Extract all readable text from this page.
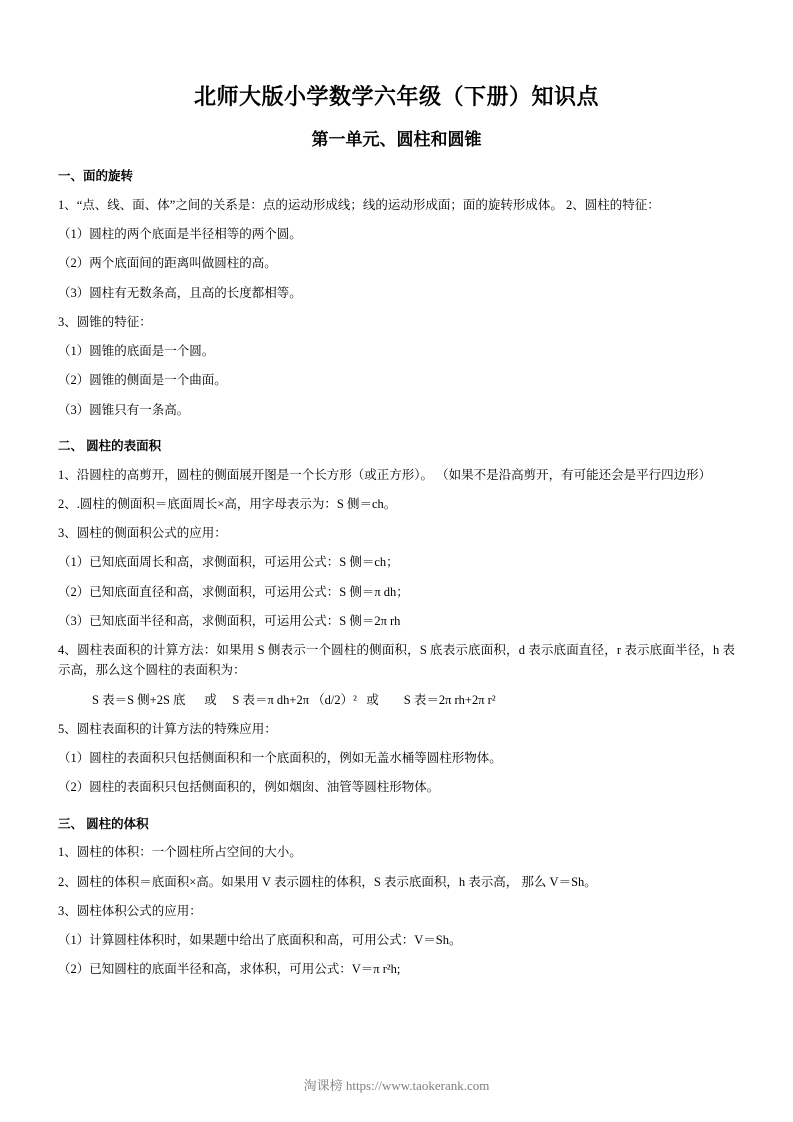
北师大版小学数学六年级（下册）知识点
第一单元、圆柱和圆锥
一、面的旋转

1、“点、线、面、体”之间的关系是：点的运动形成线；线的运动形成面；面的旋转形成体。 2、圆柱的特征：

（1）圆柱的两个底面是半径相等的两个圆。

（2）两个底面间的距离叫做圆柱的高。

（3）圆柱有无数条高，且高的长度都相等。

3、圆锥的特征：

（1）圆锥的底面是一个圆。

（2）圆锥的侧面是一个曲面。

（3）圆锥只有一条高。

二、 圆柱的表面积

1、沿圆柱的高剪开，圆柱的侧面展开图是一个长方形（或正方形）。 （如果不是沿高剪开，有可能还会是平行四边形）

2、.圆柱的侧面积＝底面周长×高，用字母表示为：S 侧＝ch。

3、圆柱的侧面积公式的应用：

（1）已知底面周长和高，求侧面积，可运用公式：S 侧＝ch；

（2）已知底面直径和高，求侧面积，可运用公式：S 侧＝π dh；

（3）已知底面半径和高，求侧面积，可运用公式：S 侧＝2π rh

4、圆柱表面积的计算方法：如果用 S 侧表示一个圆柱的侧面积，S 底表示底面积，d 表示底面直径，r 表示底面半径，h 表示高，那么这个圆柱的表面积为：

S 表＝S 侧+2S 底      或     S 表＝π dh+2π （d/2）²   或        S 表＝2π rh+2π r²

5、圆柱表面积的计算方法的特殊应用：

（1）圆柱的表面积只包括侧面积和一个底面积的，例如无盖水桶等圆柱形物体。

（2）圆柱的表面积只包括侧面积的，例如烟囱、油管等圆柱形物体。

三、 圆柱的体积

1、圆柱的体积：一个圆柱所占空间的大小。

2、圆柱的体积＝底面积×高。如果用 V 表示圆柱的体积，S 表示底面积，h 表示高， 那么 V＝Sh。

3、圆柱体积公式的应用：

（1）计算圆柱体积时，如果题中给出了底面积和高，可用公式：V＝Sh。

（2）已知圆柱的底面半径和高，求体积，可用公式：V＝π r²h;

淘课榜 https://www.taokerank.com
